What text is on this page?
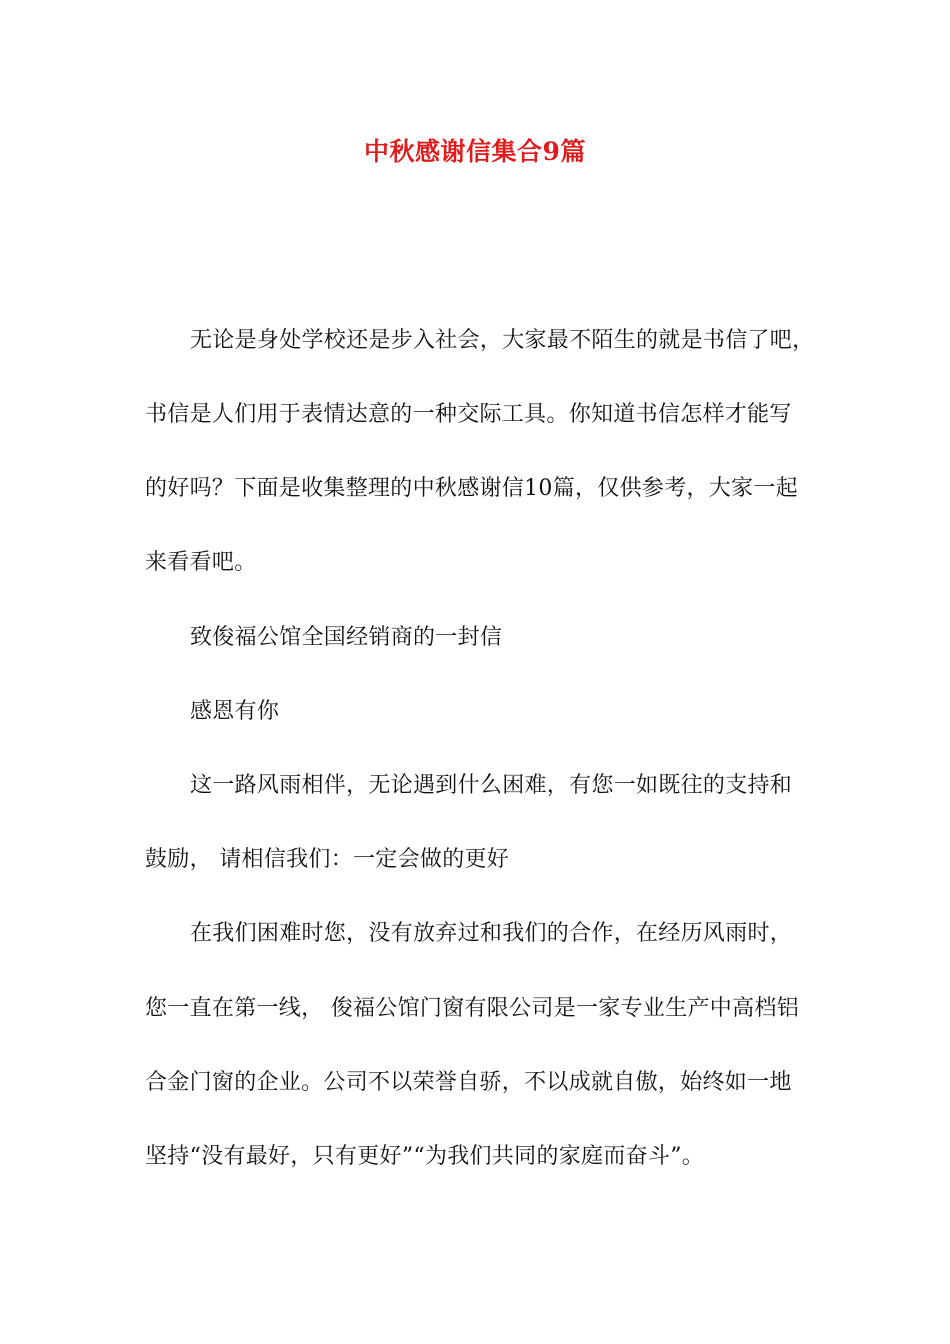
中秋感谢信集合9篇
无论是身处学校还是步入社会，大家最不陌生的就是书信了吧，
书信是人们用于表情达意的一种交际工具。你知道书信怎样才能写
的好吗？下面是收集整理的中秋感谢信10篇，仅供参考，大家一起
来看看吧。
致俊福公馆全国经销商的一封信
感恩有你
这一路风雨相伴，无论遇到什么困难，有您一如既往的支持和
鼓励， 请相信我们：一定会做的更好
在我们困难时您，没有放弃过和我们的合作，在经历风雨时，
您一直在第一线， 俊福公馆门窗有限公司是一家专业生产中高档铝
合金门窗的企业。公司不以荣誉自骄，不以成就自傲，始终如一地
坚持“没有最好，只有更好”“为我们共同的家庭而奋斗”。
